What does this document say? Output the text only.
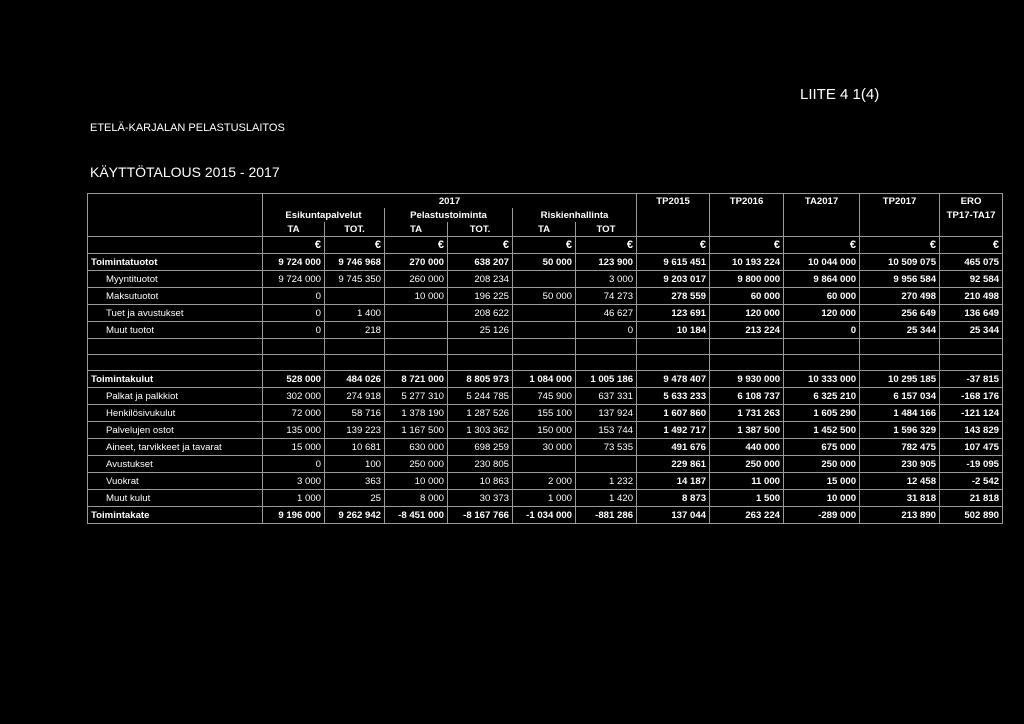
LIITE 4 1(4)
ETELÄ-KARJALAN PELASTUSLAITOS
KÄYTTÖTALOUS 2015 - 2017
	2017						TP2015	TP2016	TA2017	TP2017	ERO
	Esikuntapalvelut		Pelastustoiminta		Riskienhallinta						TP17-TA17
	TA	TOT.	TA	TOT.	TA	TOT					
	€	€	€	€	€	€	€	€	€	€	€
Toimintatuotot	9 724 000	9 746 968	270 000	638 207	50 000	123 900	9 615 451	10 193 224	10 044 000	10 509 075	465 075
Myyntituotot	9 724 000	9 745 350	260 000	208 234		3 000	9 203 017	9 800 000	9 864 000	9 956 584	92 584
Maksutuotot	0		10 000	196 225	50 000	74 273	278 559	60 000	60 000	270 498	210 498
Tuet ja avustukset	0	1 400		208 622		46 627	123 691	120 000	120 000	256 649	136 649
Muut tuotot	0	218		25 126		0	10 184	213 224	0	25 344	25 344

Toimintakulut	528 000	484 026	8 721 000	8 805 973	1 084 000	1 005 186	9 478 407	9 930 000	10 333 000	10 295 185	-37 815
Palkat ja palkkiot	302 000	274 918	5 277 310	5 244 785	745 900	637 331	5 633 233	6 108 737	6 325 210	6 157 034	-168 176
Henkilösivukulut	72 000	58 716	1 378 190	1 287 526	155 100	137 924	1 607 860	1 731 263	1 605 290	1 484 166	-121 124
Palvelujen ostot	135 000	139 223	1 167 500	1 303 362	150 000	153 744	1 492 717	1 387 500	1 452 500	1 596 329	143 829
Aineet, tarvikkeet ja tavarat	15 000	10 681	630 000	698 259	30 000	73 535	491 676	440 000	675 000	782 475	107 475
Avustukset	0	100	250 000	230 805			229 861	250 000	250 000	230 905	-19 095
Vuokrat	3 000	363	10 000	10 863	2 000	1 232	14 187	11 000	15 000	12 458	-2 542
Muut kulut	1 000	25	8 000	30 373	1 000	1 420	8 873	1 500	10 000	31 818	21 818
Toimintakate	9 196 000	9 262 942	-8 451 000	-8 167 766	-1 034 000	-881 286	137 044	263 224	-289 000	213 890	502 890
